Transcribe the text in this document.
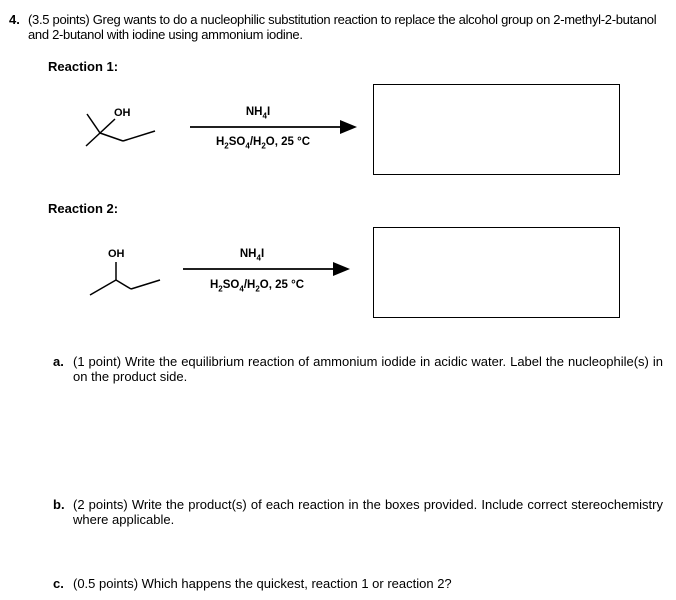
4. (3.5 points) Greg wants to do a nucleophilic substitution reaction to replace the alcohol group on 2-methyl-2-butanol and 2-butanol with iodine using ammonium iodine.
Reaction 1:
OH	$NH_4I$
$H_2SO_4/H_2O$, 25 °C
Reaction 2:
OH	$NH_4I$
$H_2SO_4/H_2O$, 25 °C
a. (1 point) Write the equilibrium reaction of ammonium iodide in acidic water. Label the nucleophile(s) in on the product side.
b. (2 points) Write the product(s) of each reaction in the boxes provided. Include correct stereochemistry where applicable.
c. (0.5 points) Which happens the quickest, reaction 1 or reaction 2?
